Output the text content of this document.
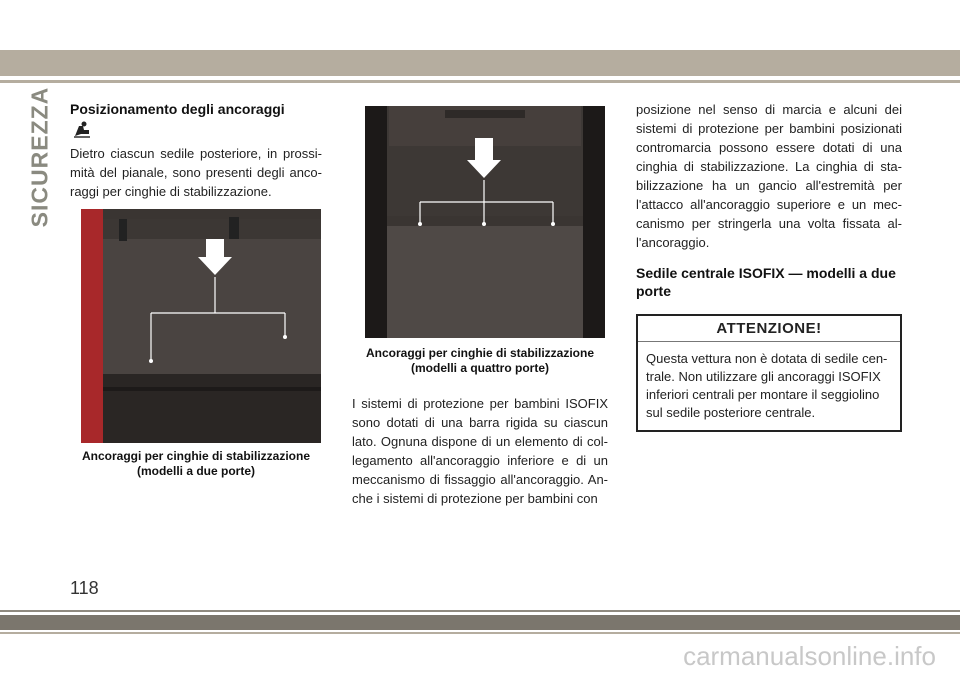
SICUREZZA Posizionamento degli ancoraggi

Dietro ciascun sedile posteriore, in prossi-mità del pianale, sono presenti degli anco-raggi per cinghie di stabilizzazione.

Ancoraggi per cinghie di stabilizzazione
(modelli a due porte)
Ancoraggi per cinghie di stabilizzazione
(modelli a quattro porte)

I sistemi di protezione per bambini ISOFIX sono dotati di una barra rigida su ciascun lato. Ognuna dispone di un elemento di col-legamento all'ancoraggio inferiore e di un meccanismo di fissaggio all'ancoraggio. An-che i sistemi di protezione per bambini con

posizione nel senso di marcia e alcuni dei sistemi di protezione per bambini posizionati contromarcia possono essere dotati di una cinghia di stabilizzazione. La cinghia di sta-bilizzazione ha un gancio all'estremità per l'attacco all'ancoraggio superiore e un mec-canismo per stringerla una volta fissata al-l'ancoraggio.

Sedile centrale ISOFIX — modelli a due porte
ATTENZIONE!
Questa vettura non è dotata di sedile cen-trale. Non utilizzare gli ancoraggi ISOFIX inferiori centrali per montare il seggiolino sul sedile posteriore centrale.
118
carmanualsonline.info
